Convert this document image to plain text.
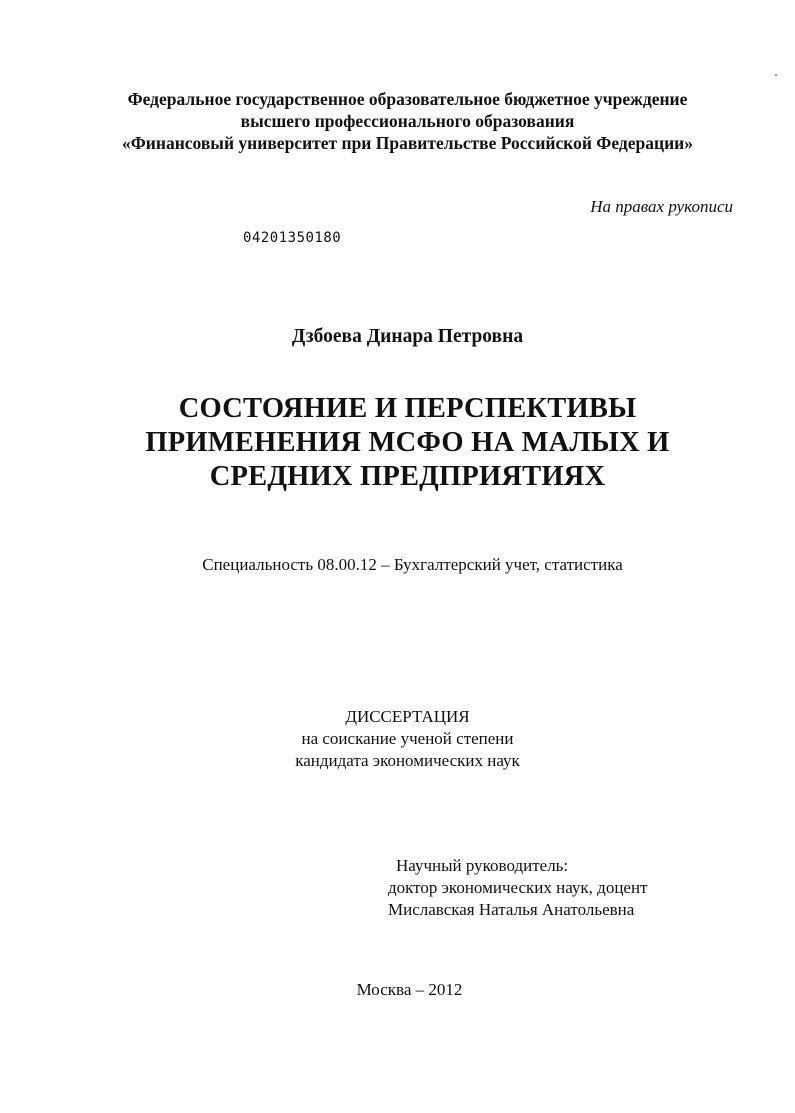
Федеральное государственное образовательное бюджетное учреждение
высшего профессионального образования
«Финансовый университет при Правительстве Российской Федерации»
На правах рукописи
04201350180
Дзбоева Динара Петровна
СОСТОЯНИЕ И ПЕРСПЕКТИВЫ
ПРИМЕНЕНИЯ МСФО НА МАЛЫХ И
СРЕДНИХ ПРЕДПРИЯТИЯХ
Специальность 08.00.12 – Бухгалтерский учет, статистика
ДИССЕРТАЦИЯ
на соискание ученой степени
кандидата экономических наук
Научный руководитель:
доктор экономических наук, доцент
Миславская Наталья Анатольевна
Москва – 2012
